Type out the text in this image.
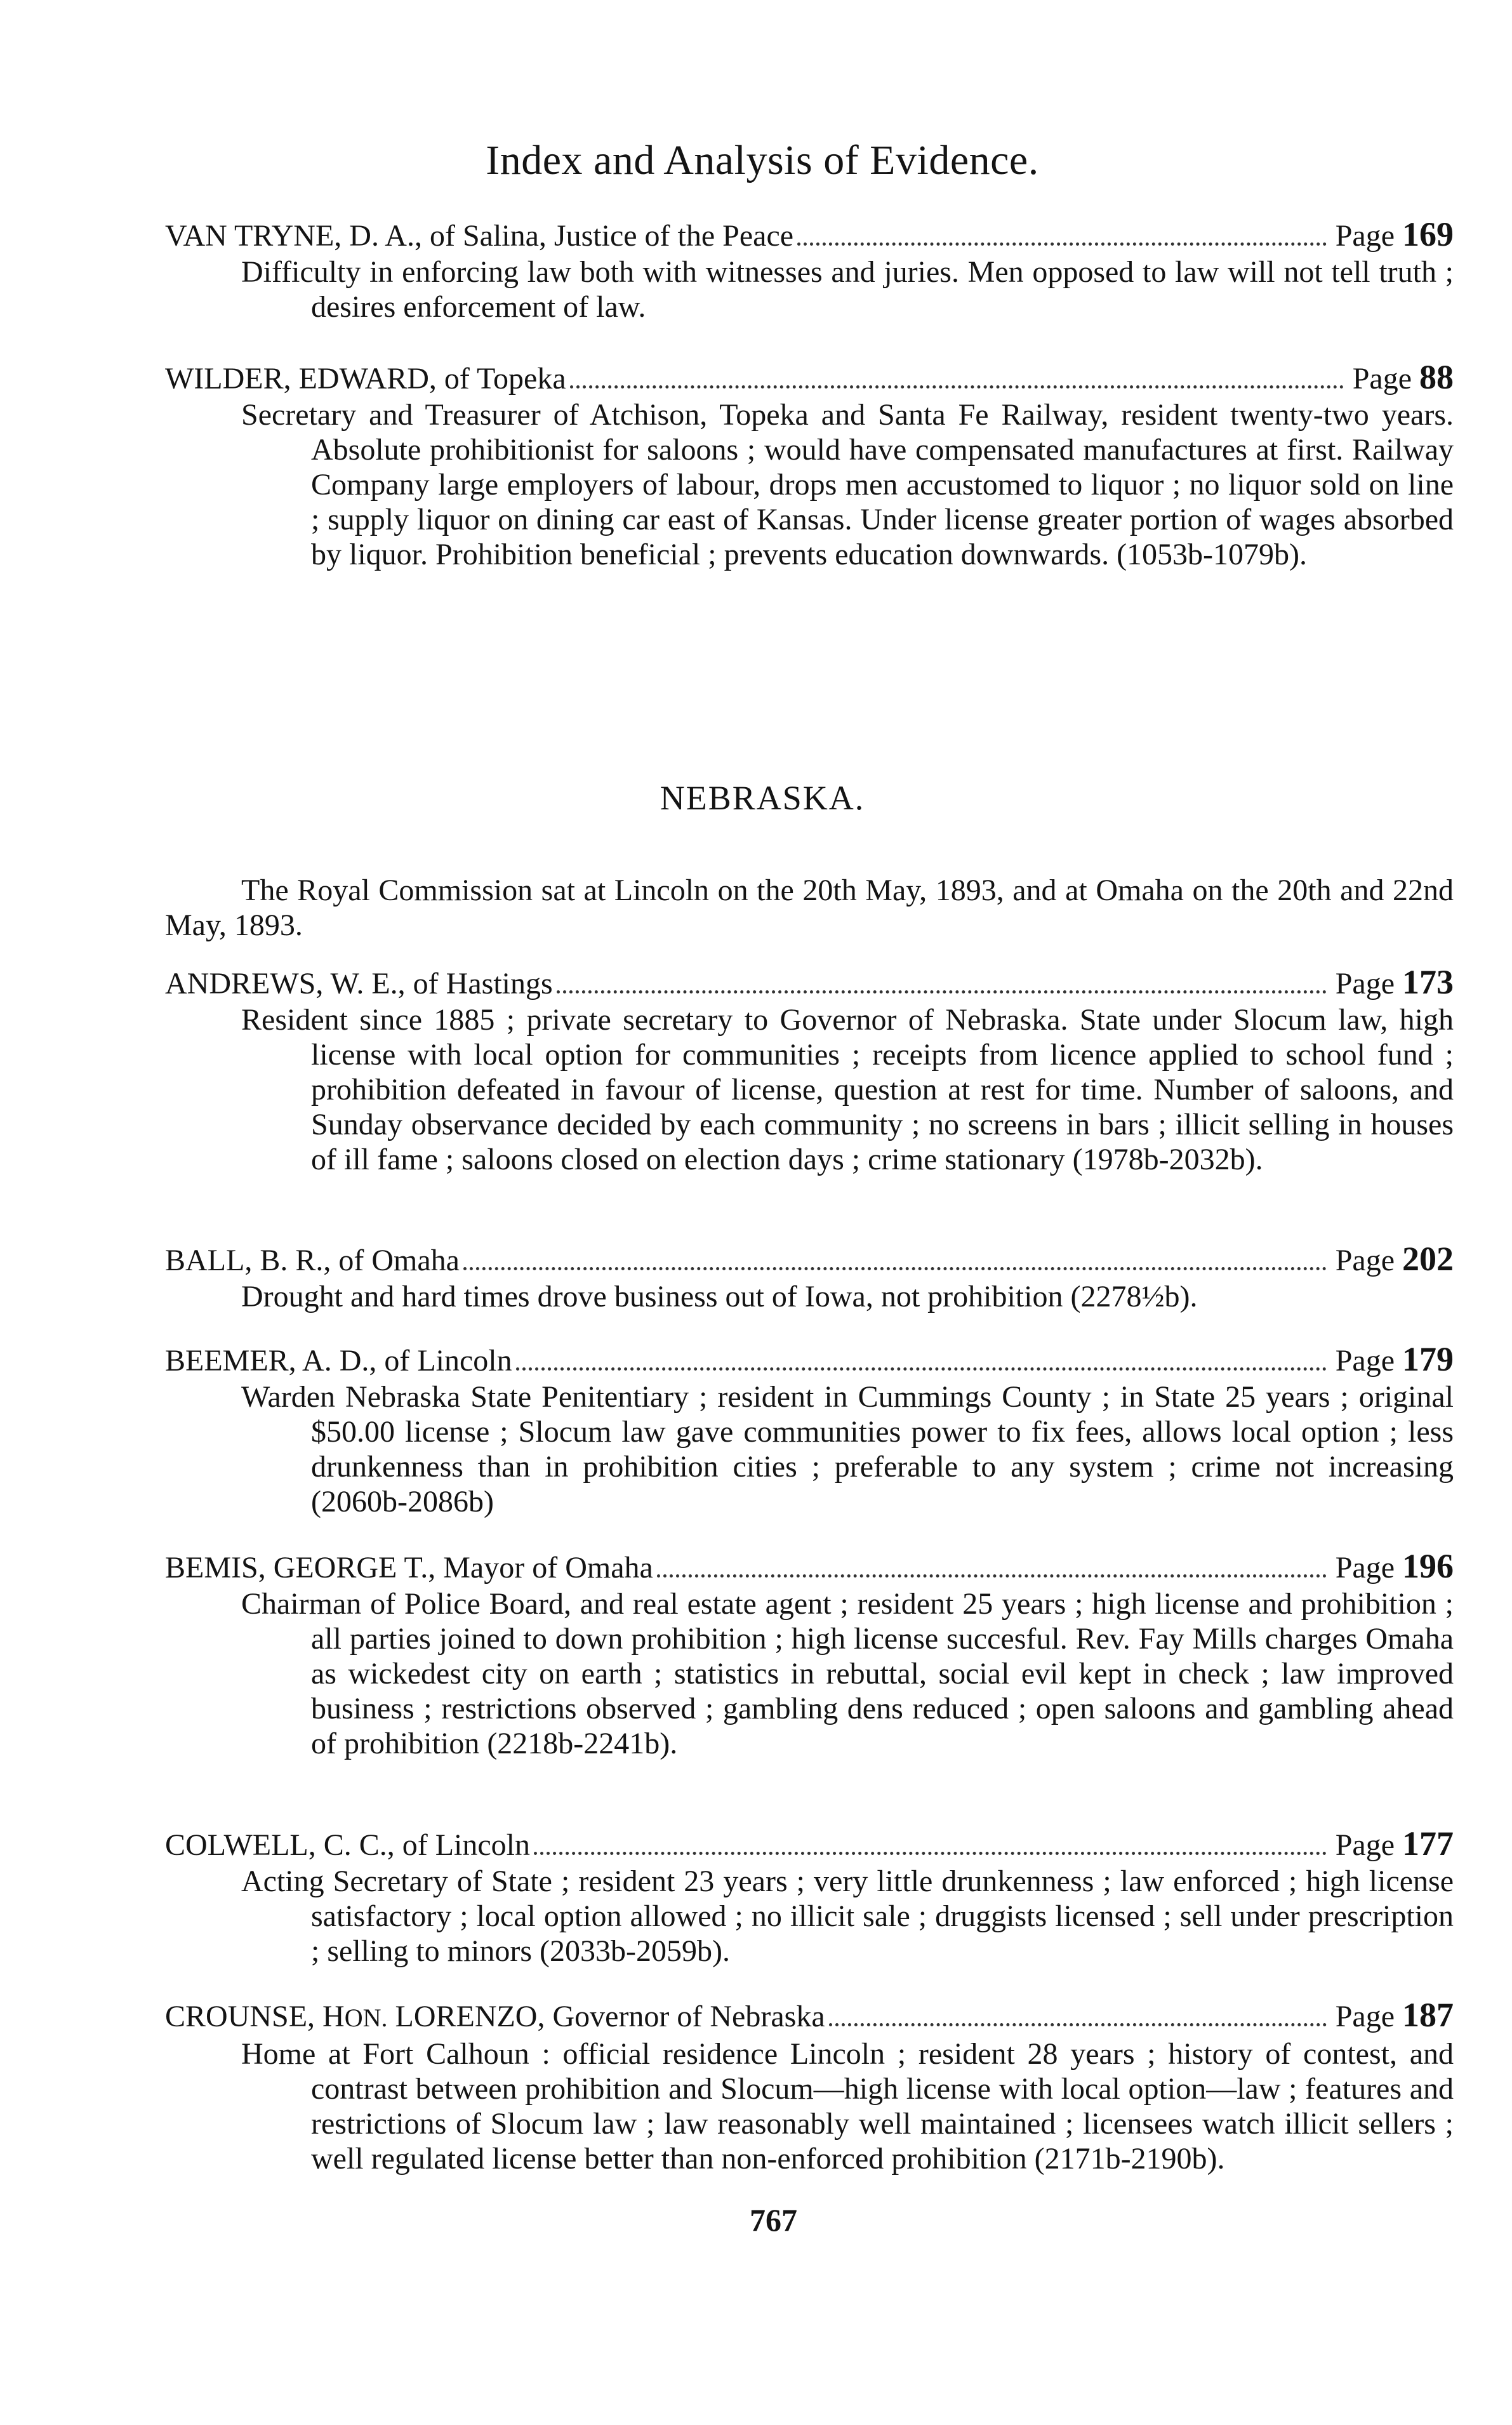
Index and Analysis of Evidence.
VAN TRYNE, D. A., of Salina, Justice of the Peace	Page 169

Difficulty in enforcing law both with witnesses and juries. Men opposed to law will not tell truth ; desires enforcement of law.

WILDER, EDWARD, of Topeka	Page 88

Secretary and Treasurer of Atchison, Topeka and Santa Fe Railway, resident twenty-two years. Absolute prohibitionist for saloons ; would have compensated manufactures at first. Railway Company large employers of labour, drops men accustomed to liquor ; no liquor sold on line ; supply liquor on dining car east of Kansas. Under license greater portion of wages absorbed by liquor. Prohibition beneficial ; prevents education downwards. (1053b-1079b).

NEBRASKA.

The Royal Commission sat at Lincoln on the 20th May, 1893, and at Omaha on the 20th and 22nd May, 1893.

ANDREWS, W. E., of Hastings	Page 173

Resident since 1885 ; private secretary to Governor of Nebraska. State under Slocum law, high license with local option for communities ; receipts from licence applied to school fund ; prohibition defeated in favour of license, question at rest for time. Number of saloons, and Sunday observance decided by each community ; no screens in bars ; illicit selling in houses of ill fame ; saloons closed on election days ; crime stationary (1978b-2032b).

BALL, B. R., of Omaha	Page 202

Drought and hard times drove business out of Iowa, not prohibition (2278½b).

BEEMER, A. D., of Lincoln	Page 179

Warden Nebraska State Penitentiary ; resident in Cummings County ; in State 25 years ; original $50.00 license ; Slocum law gave communities power to fix fees, allows local option ; less drunkenness than in prohibition cities ; preferable to any system ; crime not increasing (2060b-2086b)

BEMIS, GEORGE T., Mayor of Omaha	Page 196

Chairman of Police Board, and real estate agent ; resident 25 years ; high license and prohibition ; all parties joined to down prohibition ; high license succesful. Rev. Fay Mills charges Omaha as wickedest city on earth ; statistics in rebuttal, social evil kept in check ; law improved business ; restrictions observed ; gambling dens reduced ; open saloons and gambling ahead of prohibition (2218b-2241b).

COLWELL, C. C., of Lincoln	Page 177

Acting Secretary of State ; resident 23 years ; very little drunkenness ; law enforced ; high license satisfactory ; local option allowed ; no illicit sale ; druggists licensed ; sell under prescription ; selling to minors (2033b-2059b).

CROUNSE, HON. LORENZO, Governor of Nebraska	Page 187

Home at Fort Calhoun : official residence Lincoln ; resident 28 years ; history of contest, and contrast between prohibition and Slocum—high license with local option—law ; features and restrictions of Slocum law ; law reasonably well maintained ; licensees watch illicit sellers ; well regulated license better than non-enforced prohibition (2171b-2190b).

767
